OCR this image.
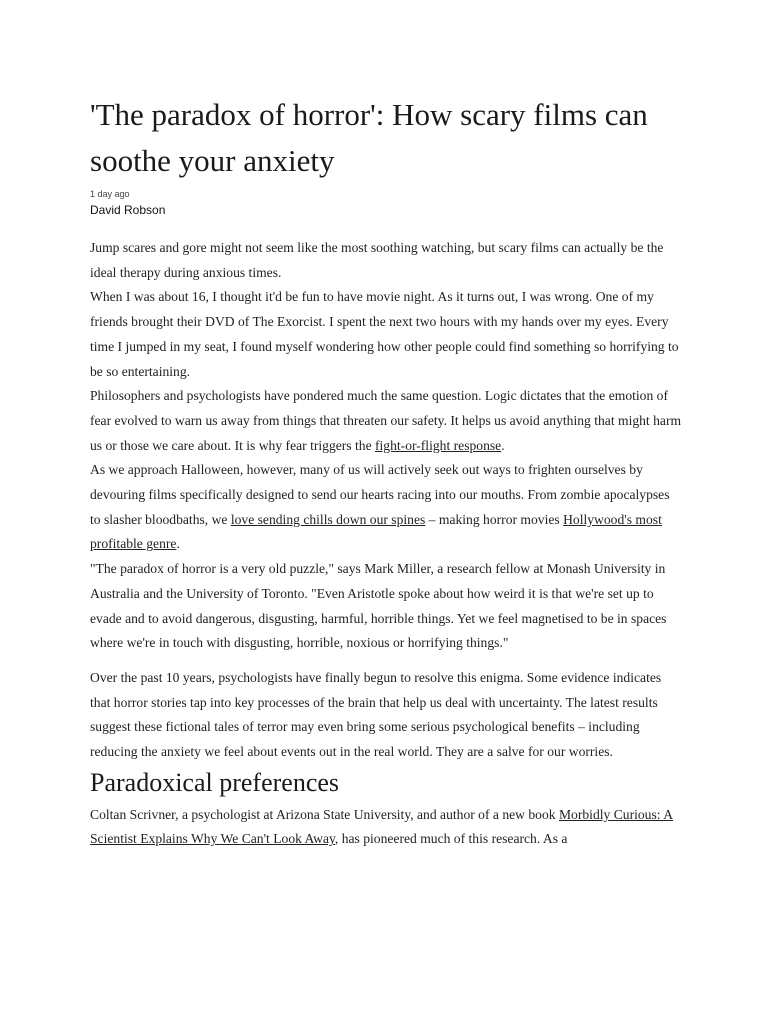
'The paradox of horror': How scary films can soothe your anxiety
1 day ago
David Robson

Jump scares and gore might not seem like the most soothing watching, but scary films can actually be the ideal therapy during anxious times.

When I was about 16, I thought it'd be fun to have movie night. As it turns out, I was wrong. One of my friends brought their DVD of The Exorcist. I spent the next two hours with my hands over my eyes. Every time I jumped in my seat, I found myself wondering how other people could find something so horrifying to be so entertaining.

Philosophers and psychologists have pondered much the same question. Logic dictates that the emotion of fear evolved to warn us away from things that threaten our safety. It helps us avoid anything that might harm us or those we care about. It is why fear triggers the fight-or-flight response.

As we approach Halloween, however, many of us will actively seek out ways to frighten ourselves by devouring films specifically designed to send our hearts racing into our mouths. From zombie apocalypses to slasher bloodbaths, we love sending chills down our spines – making horror movies Hollywood's most profitable genre.

"The paradox of horror is a very old puzzle," says Mark Miller, a research fellow at Monash University in Australia and the University of Toronto. "Even Aristotle spoke about how weird it is that we're set up to evade and to avoid dangerous, disgusting, harmful, horrible things. Yet we feel magnetised to be in spaces where we're in touch with disgusting, horrible, noxious or horrifying things."

Over the past 10 years, psychologists have finally begun to resolve this enigma. Some evidence indicates that horror stories tap into key processes of the brain that help us deal with uncertainty. The latest results suggest these fictional tales of terror may even bring some serious psychological benefits – including reducing the anxiety we feel about events out in the real world. They are a salve for our worries.

Paradoxical preferences

Coltan Scrivner, a psychologist at Arizona State University, and author of a new book Morbidly Curious: A Scientist Explains Why We Can't Look Away, has pioneered much of this research. As a
